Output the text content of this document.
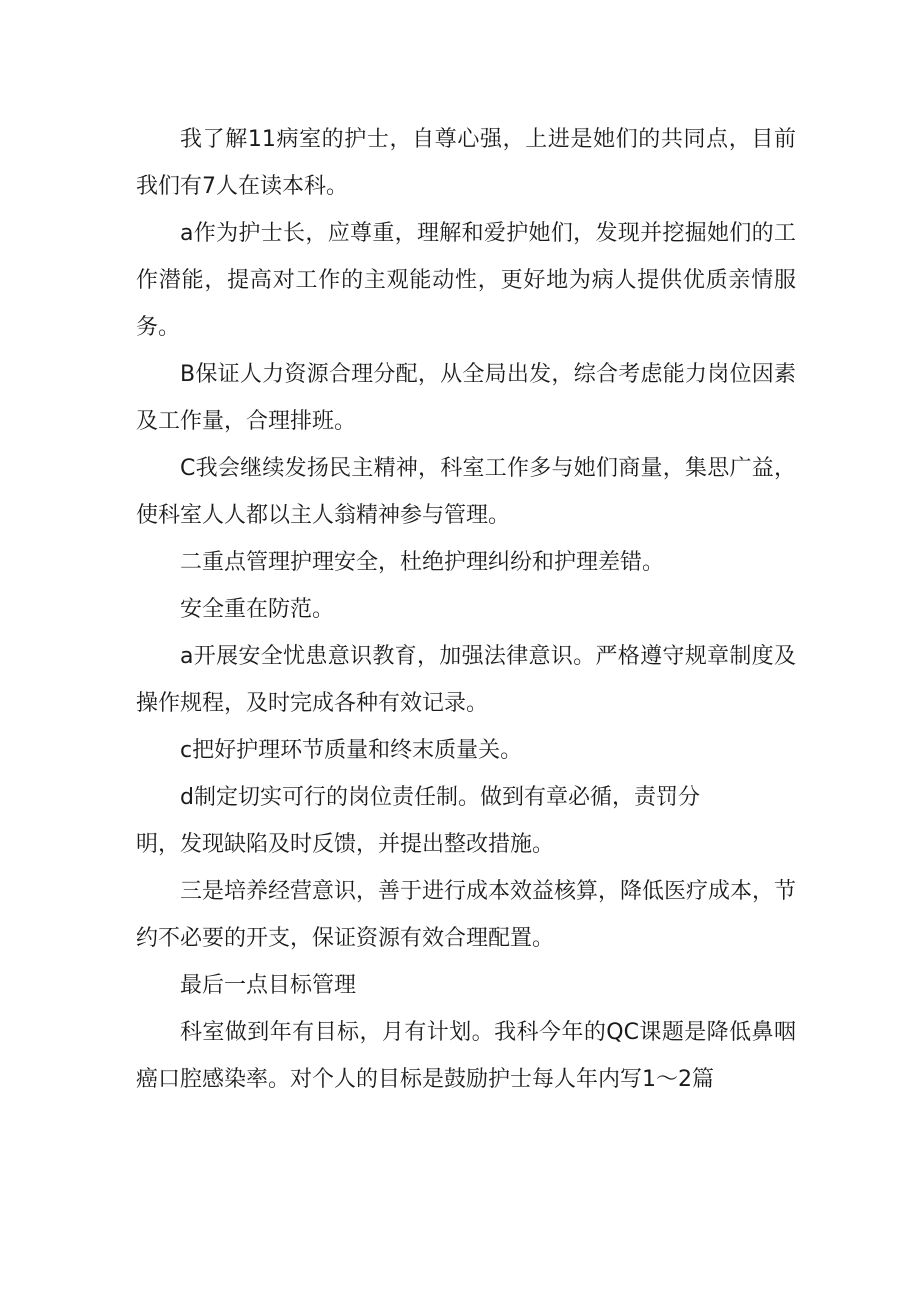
我了解11病室的护士，自尊心强，上进是她们的共同点，目前我们有7人在读本科。

a作为护士长，应尊重，理解和爱护她们，发现并挖掘她们的工作潜能，提高对工作的主观能动性，更好地为病人提供优质亲情服务。

B保证人力资源合理分配，从全局出发，综合考虑能力岗位因素及工作量，合理排班。

C我会继续发扬民主精神，科室工作多与她们商量，集思广益，使科室人人都以主人翁精神参与管理。

二重点管理护理安全，杜绝护理纠纷和护理差错。

安全重在防范。

a开展安全忧患意识教育，加强法律意识。严格遵守规章制度及操作规程，及时完成各种有效记录。

c把好护理环节质量和终末质量关。

d制定切实可行的岗位责任制。做到有章必循，责罚分

明，发现缺陷及时反馈，并提出整改措施。

三是培养经营意识，善于进行成本效益核算，降低医疗成本，节约不必要的开支，保证资源有效合理配置。

最后一点目标管理

科室做到年有目标，月有计划。我科今年的QC课题是降低鼻咽癌口腔感染率。对个人的目标是鼓励护士每人年内写1〜2篇
